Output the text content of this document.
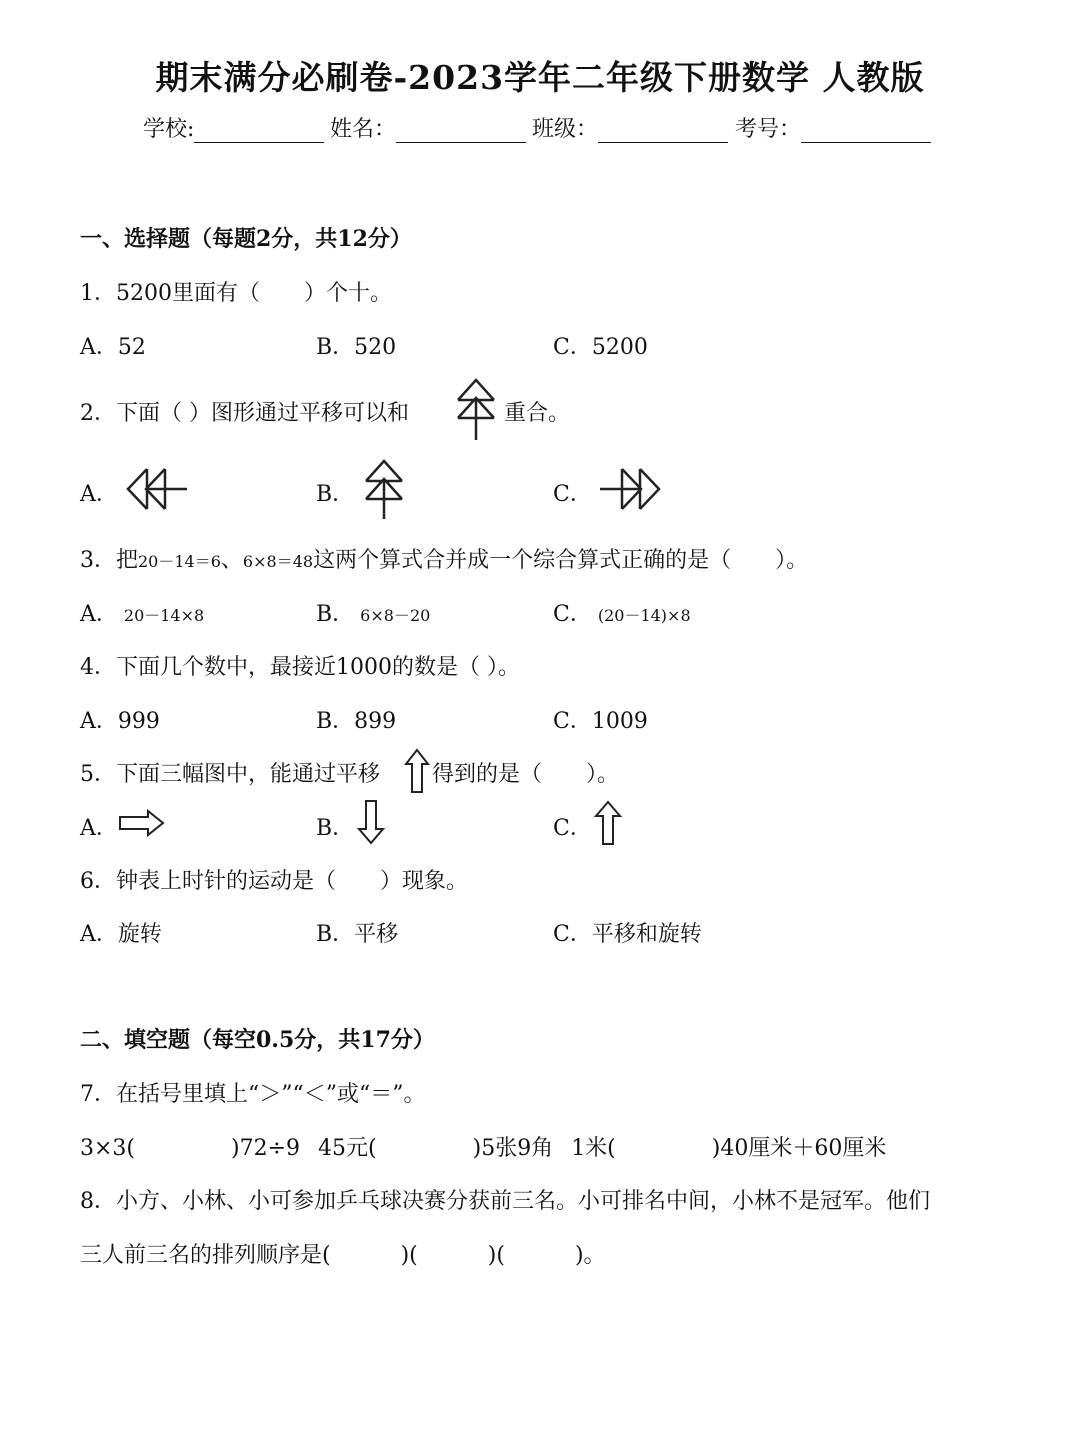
期末满分必刷卷-2023学年二年级下册数学 人教版
学校:	姓名：	班级：	考号：
一、选择题（每题2分，共12分）
1．5200里面有（　　）个十。
A．52	B．520	C．5200
2．下面（ ）图形通过平移可以和	重合。
A．	B．	C．
3．把20－14＝6、6×8＝48这两个算式合并成一个综合算式正确的是（　　）。
A． 20－14×8	B． 6×8－20	C． (20－14)×8
4．下面几个数中，最接近1000的数是（ ）。
A．999	B．899	C．1009
5．下面三幅图中，能通过平移 得到的是（　　）。
A．	B．	C．
6．钟表上时针的运动是（　　）现象。
A．旋转	B．平移	C．平移和旋转
二、填空题（每空0.5分，共17分）
7．在括号里填上“＞”“＜”或“＝”。
3×3(	)72÷9 45元(	)5张9角 1米(	)40厘米＋60厘米
8．小方、小林、小可参加乒乓球决赛分获前三名。小可排名中间，小林不是冠军。他们
三人前三名的排列顺序是(	)(	)(	)。
